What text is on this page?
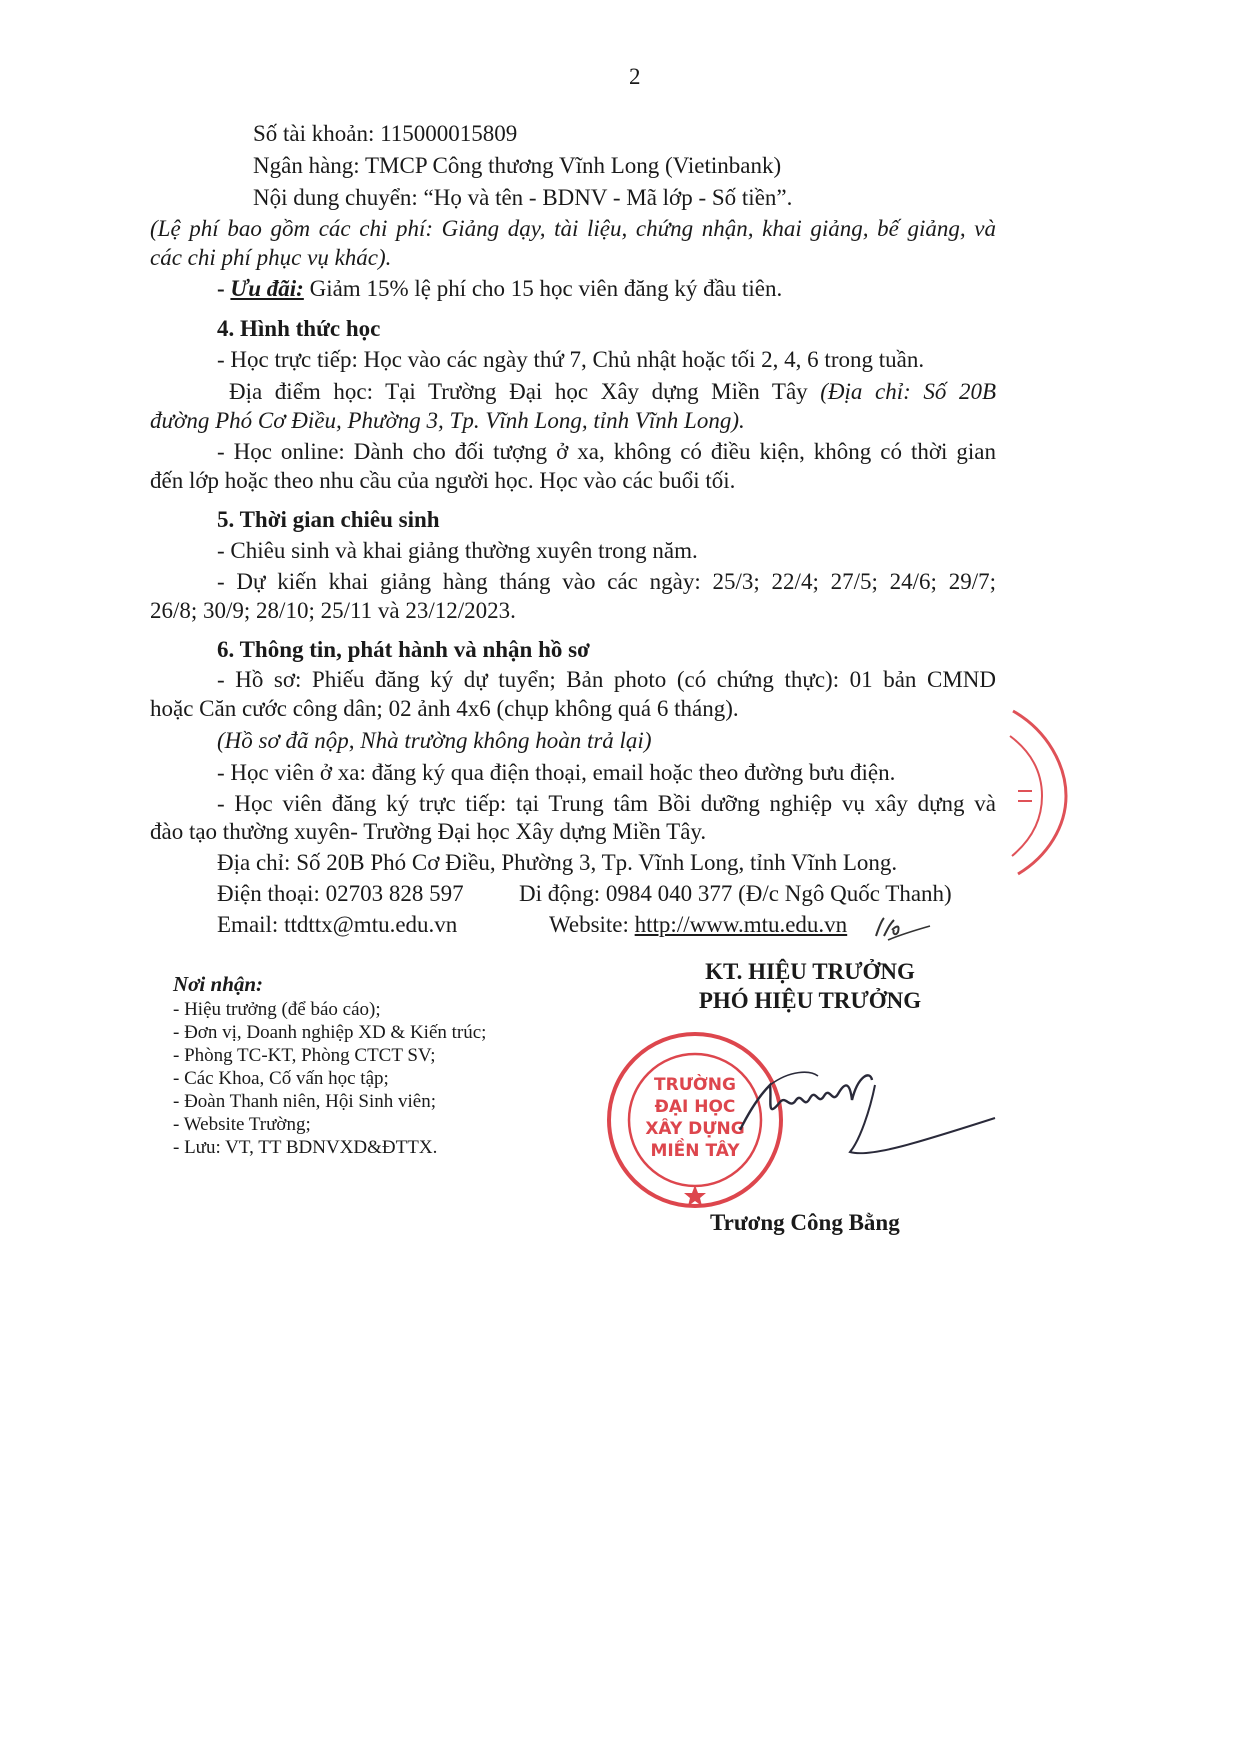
2
Số tài khoản: 115000015809
Ngân hàng: TMCP Công thương Vĩnh Long (Vietinbank)
Nội dung chuyển: “Họ và tên - BDNV - Mã lớp - Số tiền”.
(Lệ phí bao gồm các chi phí: Giảng dạy, tài liệu, chứng nhận, khai giảng, bế giảng, và
các chi phí phục vụ khác).
- Ưu đãi: Giảm 15% lệ phí cho 15 học viên đăng ký đầu tiên.
4. Hình thức học
- Học trực tiếp: Học vào các ngày thứ 7, Chủ nhật hoặc tối 2, 4, 6 trong tuần.
Địa điểm học: Tại Trường Đại học Xây dựng Miền Tây (Địa chỉ: Số 20B
đường Phó Cơ Điều, Phường 3, Tp. Vĩnh Long, tỉnh Vĩnh Long).
- Học online: Dành cho đối tượng ở xa, không có điều kiện, không có thời gian
đến lớp hoặc theo nhu cầu của người học. Học vào các buổi tối.
5. Thời gian chiêu sinh
- Chiêu sinh và khai giảng thường xuyên trong năm.
- Dự kiến khai giảng hàng tháng vào các ngày: 25/3; 22/4; 27/5; 24/6; 29/7;
26/8; 30/9; 28/10; 25/11 và 23/12/2023.
6. Thông tin, phát hành và nhận hồ sơ
- Hồ sơ: Phiếu đăng ký dự tuyển; Bản photo (có chứng thực): 01 bản CMND
hoặc Căn cước công dân; 02 ảnh 4x6 (chụp không quá 6 tháng).
(Hồ sơ đã nộp, Nhà trường không hoàn trả lại)
- Học viên ở xa: đăng ký qua điện thoại, email hoặc theo đường bưu điện.
- Học viên đăng ký trực tiếp: tại Trung tâm Bồi dưỡng nghiệp vụ xây dựng và
đào tạo thường xuyên- Trường Đại học Xây dựng Miền Tây.
Địa chỉ: Số 20B Phó Cơ Điều, Phường 3, Tp. Vĩnh Long, tỉnh Vĩnh Long.
Điện thoại: 02703 828 597 Di động: 0984 040 377 (Đ/c Ngô Quốc Thanh)
Email: ttdttx@mtu.edu.vn	Website: http://www.mtu.edu.vn
Nơi nhận:
- Hiệu trưởng (để báo cáo);
- Đơn vị, Doanh nghiệp XD & Kiến trúc;
- Phòng TC-KT, Phòng CTCT SV;
- Các Khoa, Cố vấn học tập;
- Đoàn Thanh niên, Hội Sinh viên;
- Website Trường;
- Lưu: VT, TT BDNVXD&ĐTTX.
KT. HIỆU TRƯỞNG
PHÓ HIỆU TRƯỞNG
TRƯỜNG
ĐẠI HỌC
XÂY DỰNG
MIỀN TÂY
Trương Công Bằng
